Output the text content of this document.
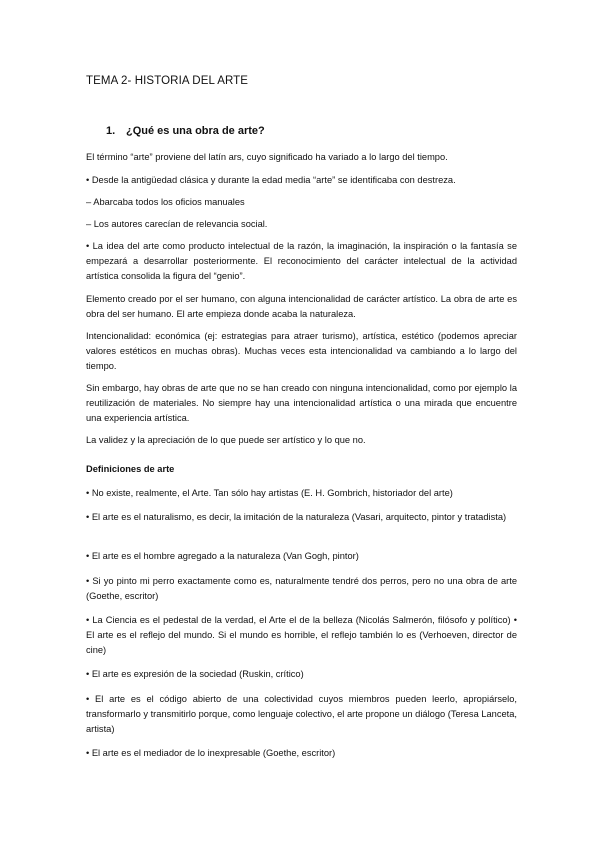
TEMA 2- HISTORIA DEL ARTE
1. ¿Qué es una obra de arte?

El término “arte” proviene del latín ars, cuyo significado ha variado a lo largo del tiempo.

• Desde la antigüedad clásica y durante la edad media “arte” se identificaba con destreza.

– Abarcaba todos los oficios manuales

– Los autores carecían de relevancia social.

• La idea del arte como producto intelectual de la razón, la imaginación, la inspiración o la fantasía se empezará a desarrollar posteriormente. El reconocimiento del carácter intelectual de la actividad artística consolida la figura del “genio”.

Elemento creado por el ser humano, con alguna intencionalidad de carácter artístico. La obra de arte es obra del ser humano. El arte empieza donde acaba la naturaleza.

Intencionalidad: económica (ej: estrategias para atraer turismo), artística, estético (podemos apreciar valores estéticos en muchas obras). Muchas veces esta intencionalidad va cambiando a lo largo del tiempo.

Sin embargo, hay obras de arte que no se han creado con ninguna intencionalidad, como por ejemplo la reutilización de materiales. No siempre hay una intencionalidad artística o una mirada que encuentre una experiencia artística.

La validez y la apreciación de lo que puede ser artístico y lo que no.

Definiciones de arte

• No existe, realmente, el Arte. Tan sólo hay artistas (E. H. Gombrich, historiador del arte)

• El arte es el naturalismo, es decir, la imitación de la naturaleza (Vasari, arquitecto, pintor y tratadista)

• El arte es el hombre agregado a la naturaleza (Van Gogh, pintor)

• Si yo pinto mi perro exactamente como es, naturalmente tendré dos perros, pero no una obra de arte (Goethe, escritor)

• La Ciencia es el pedestal de la verdad, el Arte el de la belleza (Nicolás Salmerón, filósofo y político) • El arte es el reflejo del mundo. Si el mundo es horrible, el reflejo también lo es (Verhoeven, director de cine)

• El arte es expresión de la sociedad (Ruskin, crítico)

• El arte es el código abierto de una colectividad cuyos miembros pueden leerlo, apropiárselo, transformarlo y transmitirlo porque, como lenguaje colectivo, el arte propone un diálogo (Teresa Lanceta, artista)

• El arte es el mediador de lo inexpresable (Goethe, escritor)
